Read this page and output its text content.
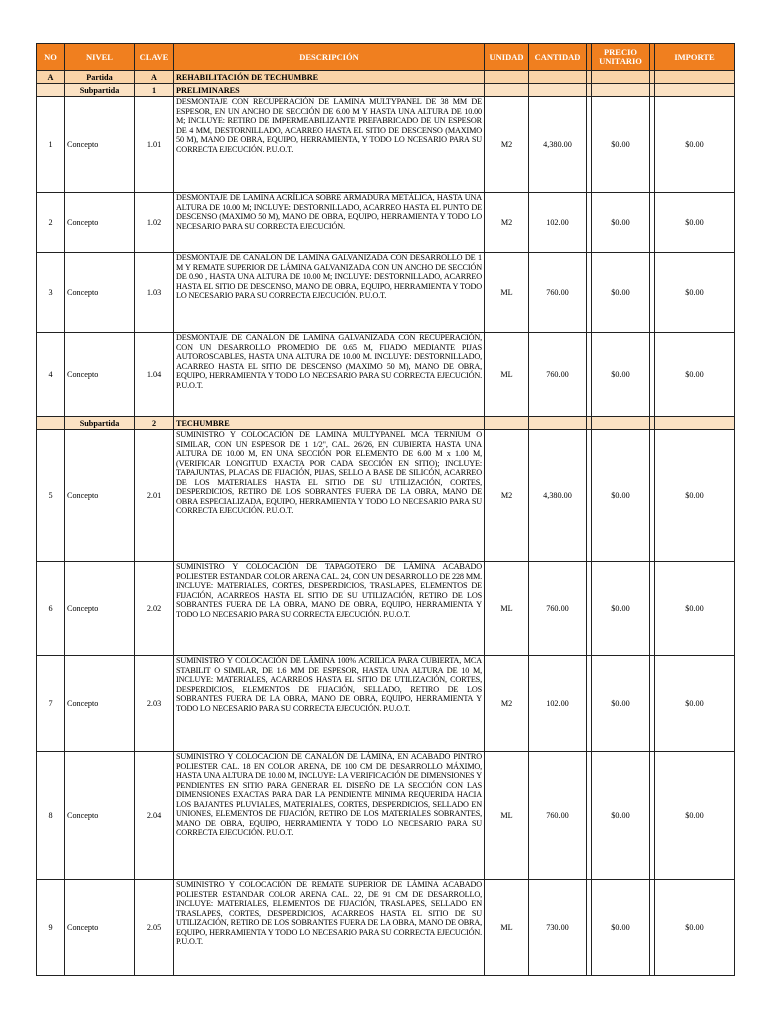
NO	NIVEL	CLAVE	DESCRIPCIÓN	UNIDAD	CANTIDAD		PRECIO UNITARIO		IMPORTE
A	Partida	A	REHABILITACIÓN DE TECHUMBRE						
	Subpartida	1	PRELIMINARES						
1	Concepto	1.01	DESMONTAJE CON RECUPERACIÓN DE LAMINA MULTYPANEL DE 38 MM DE ESPESOR, EN UN ANCHO DE SECCIÓN DE 6.00 M Y HASTA UNA ALTURA DE 10.00 M; INCLUYE: RETIRO DE IMPERMEABILIZANTE PREFABRICADO DE UN ESPESOR DE 4 MM, DESTORNILLADO, ACARREO HASTA EL SITIO DE DESCENSO (MAXIMO 50 M), MANO DE OBRA, EQUIPO, HERRAMIENTA, Y TODO LO NCESARIO PARA SU CORRECTA EJECUCIÓN. P.U.O.T.	M2	4,380.00		$0.00		$0.00
2	Concepto	1.02	DESMONTAJE DE LAMINA ACRÍLICA SOBRE ARMADURA METÁLICA, HASTA UNA ALTURA DE 10.00 M; INCLUYE: DESTORNILLADO, ACARREO HASTA EL PUNTO DE DESCENSO (MAXIMO 50 M), MANO DE OBRA, EQUIPO, HERRAMIENTA Y TODO LO NECESARIO PARA SU CORRECTA EJECUCIÓN.	M2	102.00		$0.00		$0.00
3	Concepto	1.03	DESMONTAJE DE CANALON DE LAMINA GALVANIZADA CON DESARROLLO DE 1 M Y REMATE SUPERIOR DE LÁMINA GALVANIZADA CON UN ANCHO DE SECCIÓN DE 0.90 , HASTA UNA ALTURA DE 10.00 M; INCLUYE: DESTORNILLADO, ACARREO HASTA EL SITIO DE DESCENSO, MANO DE OBRA, EQUIPO, HERRAMIENTA Y TODO LO NECESARIO PARA SU CORRECTA EJECUCIÓN. P.U.O.T.	ML	760.00		$0.00		$0.00
4	Concepto	1.04	DESMONTAJE DE CANALON DE LAMINA GALVANIZADA CON RECUPERACIÓN, CON UN DESARROLLO PROMEDIO DE 0.65 M, FIJADO MEDIANTE PIJAS AUTOROSCABLES, HASTA UNA ALTURA DE 10.00 M. INCLUYE: DESTORNILLADO, ACARREO HASTA EL SITIO DE DESCENSO (MAXIMO 50 M), MANO DE OBRA, EQUIPO, HERRAMIENTA Y TODO LO NECESARIO PARA SU CORRECTA EJECUCIÓN. P.U.O.T.	ML	760.00		$0.00		$0.00
	Subpartida	2	TECHUMBRE						
5	Concepto	2.01	SUMINISTRO Y COLOCACIÓN DE LAMINA MULTYPANEL MCA TERNIUM O SIMILAR, CON UN ESPESOR DE 1 1/2", CAL. 26/26, EN CUBIERTA HASTA UNA ALTURA DE 10.00 M, EN UNA SECCIÓN POR ELEMENTO DE 6.00 M x 1.00 M, (VERIFICAR LONGITUD EXACTA POR CADA SECCIÓN EN SITIO); INCLUYE: TAPAJUNTAS, PLACAS DE FIJACIÓN, PIJAS, SELLO A BASE DE SILICÓN, ACARREO DE LOS MATERIALES HASTA EL SITIO DE SU UTILIZACIÓN, CORTES, DESPERDICIOS, RETIRO DE LOS SOBRANTES FUERA DE LA OBRA, MANO DE OBRA ESPECIALIZADA, EQUIPO, HERRAMIENTA Y TODO LO NECESARIO PARA SU CORRECTA EJECUCIÓN. P.U.O.T.	M2	4,380.00		$0.00		$0.00
6	Concepto	2.02	SUMINISTRO Y COLOCACIÓN DE TAPAGOTERO DE LÁMINA ACABADO POLIESTER ESTANDAR COLOR ARENA CAL. 24, CON UN DESARROLLO DE 228 MM. INCLUYE: MATERIALES, CORTES, DESPERDICIOS, TRASLAPES, ELEMENTOS DE FIJACIÓN, ACARREOS HASTA EL SITIO DE SU UTILIZACIÓN, RETIRO DE LOS SOBRANTES FUERA DE LA OBRA, MANO DE OBRA, EQUIPO, HERRAMIENTA Y TODO LO NECESARIO PARA SU CORRECTA EJECUCIÓN. P.U.O.T.	ML	760.00		$0.00		$0.00
7	Concepto	2.03	SUMINISTRO Y COLOCACIÓN DE LÁMINA 100% ACRILICA PARA CUBIERTA, MCA STABILIT O SIMILAR, DE 1.6 MM DE ESPESOR, HASTA UNA ALTURA DE 10 M, INCLUYE: MATERIALES, ACARREOS HASTA EL SITIO DE UTILIZACIÓN, CORTES, DESPERDICIOS, ELEMENTOS DE FIJACIÓN, SELLADO, RETIRO DE LOS SOBRANTES FUERA DE LA OBRA, MANO DE OBRA, EQUIPO, HERRAMIENTA Y TODO LO NECESARIO PARA SU CORRECTA EJECUCIÓN. P.U.O.T.	M2	102.00		$0.00		$0.00
8	Concepto	2.04	SUMINISTRO Y COLOCACION DE CANALÓN DE LÁMINA, EN ACABADO PINTRO POLIESTER CAL. 18 EN COLOR ARENA, DE 100 CM DE DESARROLLO MÁXIMO, HASTA UNA ALTURA DE 10.00 M, INCLUYE: LA VERIFICACIÓN DE DIMENSIONES Y PENDIENTES EN SITIO PARA GENERAR EL DISEÑO DE LA SECCIÓN CON LAS DIMENSIONES EXACTAS PARA DAR LA PENDIENTE MINIMA REQUERIDA HACIA LOS BAJANTES PLUVIALES, MATERIALES, CORTES, DESPERDICIOS, SELLADO EN UNIONES, ELEMENTOS DE FIJACIÓN, RETIRO DE LOS MATERIALES SOBRANTES, MANO DE OBRA, EQUIPO, HERRAMIENTA Y TODO LO NECESARIO PARA SU CORRECTA EJECUCIÓN. P.U.O.T.	ML	760.00		$0.00		$0.00
9	Concepto	2.05	SUMINISTRO Y COLOCACIÓN DE REMATE SUPERIOR DE LÁMINA ACABADO POLIESTER ESTANDAR COLOR ARENA CAL. 22, DE 91 CM DE DESARROLLO, INCLUYE: MATERIALES, ELEMENTOS DE FIJACIÓN, TRASLAPES, SELLADO EN TRASLAPES, CORTES, DESPERDICIOS, ACARREOS HASTA EL SITIO DE SU UTILIZACIÓN, RETIRO DE LOS SOBRANTES FUERA DE LA OBRA, MANO DE OBRA, EQUIPO, HERRAMIENTA Y TODO LO NECESARIO PARA SU CORRECTA EJECUCIÓN. P.U.O.T.	ML	730.00		$0.00		$0.00
